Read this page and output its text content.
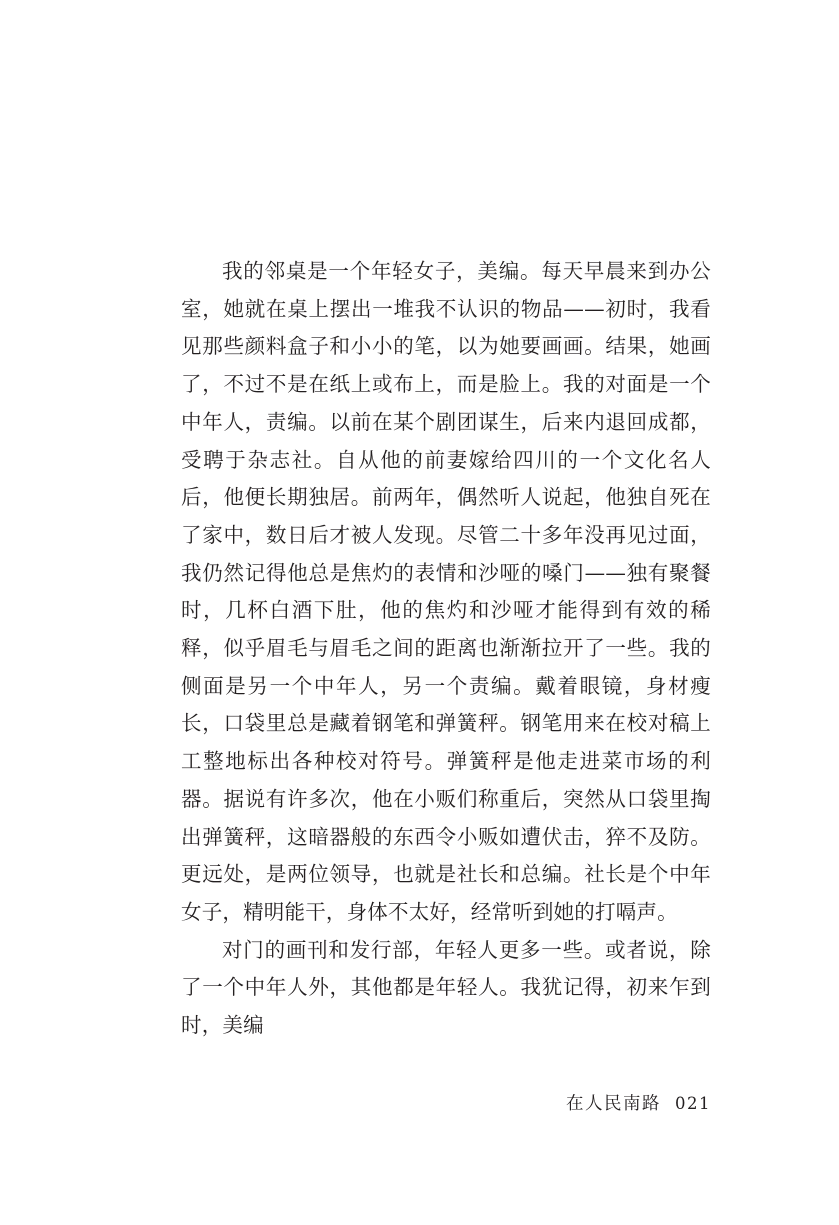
我的邻桌是一个年轻女子，美编。每天早晨来到办公室，她就在桌上摆出一堆我不认识的物品——初时，我看见那些颜料盒子和小小的笔，以为她要画画。结果，她画了，不过不是在纸上或布上，而是脸上。我的对面是一个中年人，责编。以前在某个剧团谋生，后来内退回成都，受聘于杂志社。自从他的前妻嫁给四川的一个文化名人后，他便长期独居。前两年，偶然听人说起，他独自死在了家中，数日后才被人发现。尽管二十多年没再见过面，我仍然记得他总是焦灼的表情和沙哑的嗓门——独有聚餐时，几杯白酒下肚，他的焦灼和沙哑才能得到有效的稀释，似乎眉毛与眉毛之间的距离也渐渐拉开了一些。我的侧面是另一个中年人，另一个责编。戴着眼镜，身材瘦长，口袋里总是藏着钢笔和弹簧秤。钢笔用来在校对稿上工整地标出各种校对符号。弹簧秤是他走进菜市场的利器。据说有许多次，他在小贩们称重后，突然从口袋里掏出弹簧秤，这暗器般的东西令小贩如遭伏击，猝不及防。更远处，是两位领导，也就是社长和总编。社长是个中年女子，精明能干，身体不太好，经常听到她的打嗝声。

对门的画刊和发行部，年轻人更多一些。或者说，除了一个中年人外，其他都是年轻人。我犹记得，初来乍到时，美编

在人民南路 021
